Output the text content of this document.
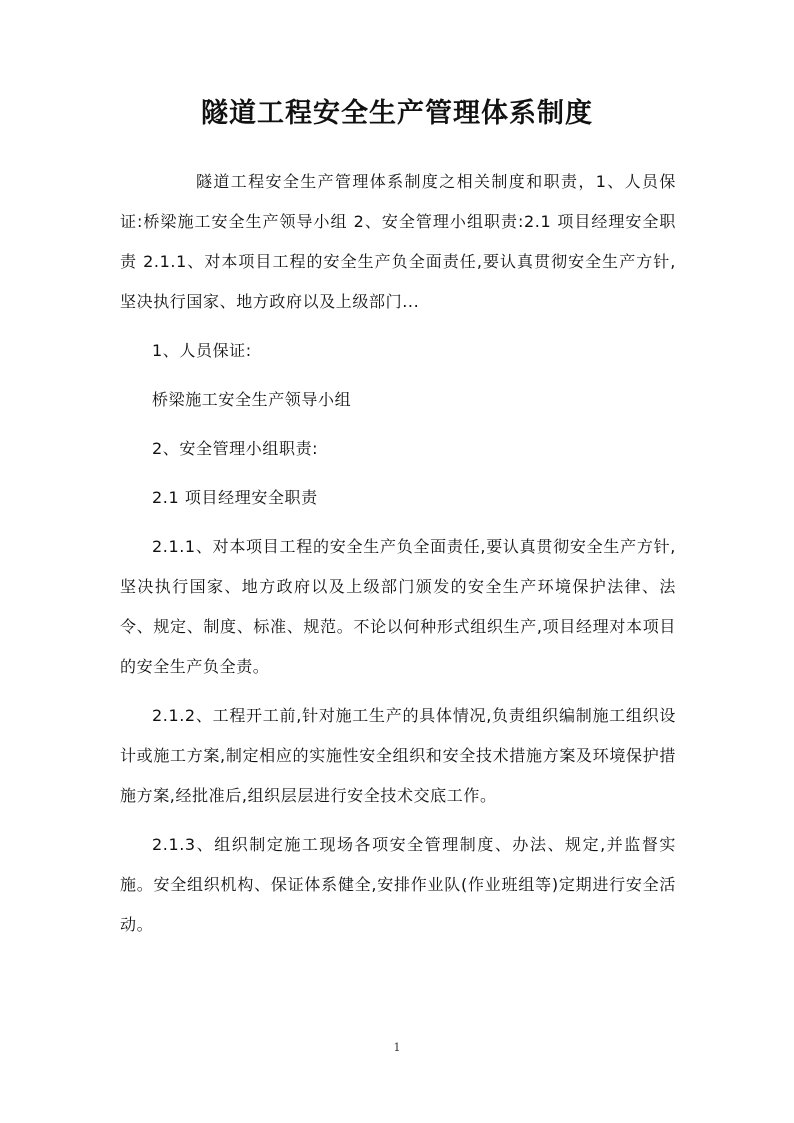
隧道工程安全生产管理体系制度

隧道工程安全生产管理体系制度之相关制度和职责，1、人员保证:桥梁施工安全生产领导小组 2、安全管理小组职责:2.1 项目经理安全职责 2.1.1、对本项目工程的安全生产负全面责任,要认真贯彻安全生产方针,坚决执行国家、地方政府以及上级部门...

1、人员保证:

桥梁施工安全生产领导小组

2、安全管理小组职责:

2.1 项目经理安全职责

2.1.1、对本项目工程的安全生产负全面责任,要认真贯彻安全生产方针,坚决执行国家、地方政府以及上级部门颁发的安全生产环境保护法律、法令、规定、制度、标准、规范。不论以何种形式组织生产,项目经理对本项目的安全生产负全责。

2.1.2、工程开工前,针对施工生产的具体情况,负责组织编制施工组织设计或施工方案,制定相应的实施性安全组织和安全技术措施方案及环境保护措施方案,经批准后,组织层层进行安全技术交底工作。

2.1.3、组织制定施工现场各项安全管理制度、办法、规定,并监督实施。安全组织机构、保证体系健全,安排作业队(作业班组等)定期进行安全活动。

1
